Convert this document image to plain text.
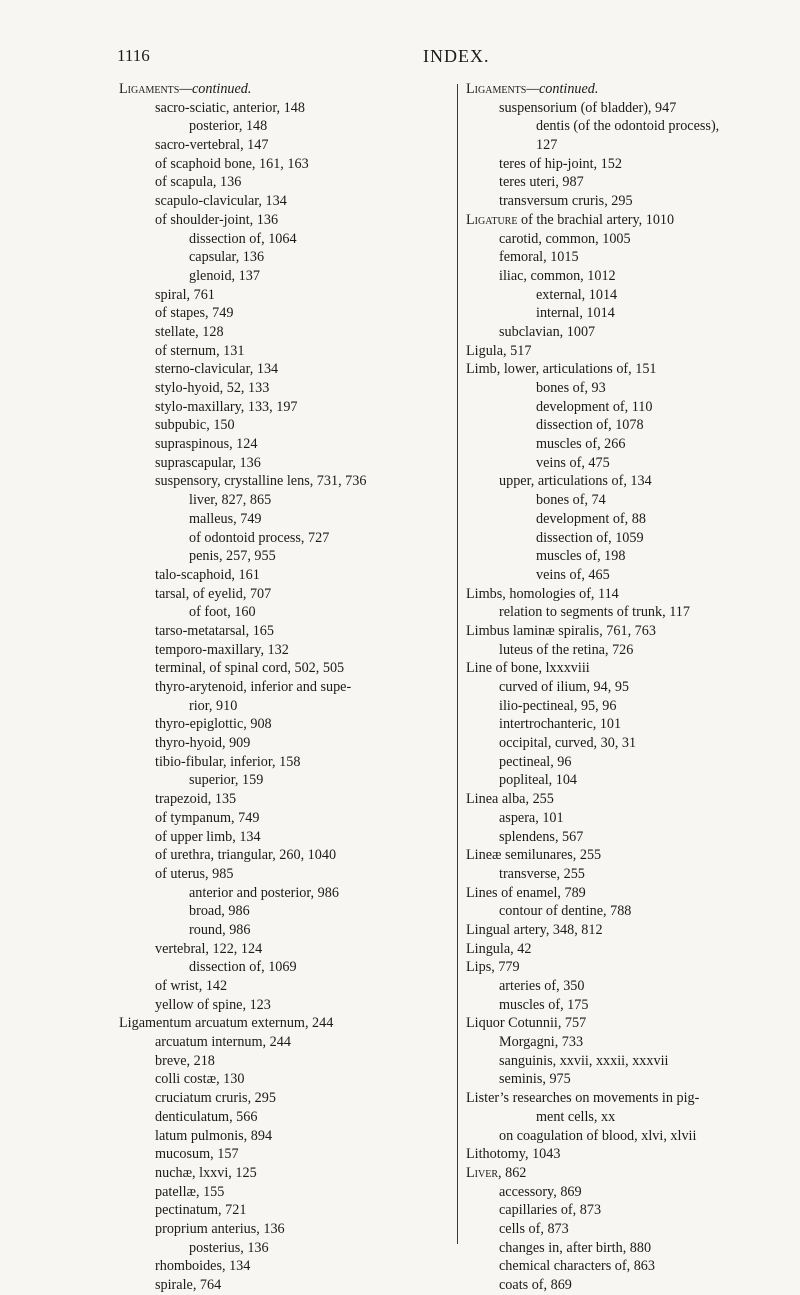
1116	INDEX.
Ligaments—continued.
sacro-sciatic, anterior, 148
posterior, 148
sacro-vertebral, 147
of scaphoid bone, 161, 163
of scapula, 136
scapulo-clavicular, 134
of shoulder-joint, 136
dissection of, 1064
capsular, 136
glenoid, 137
spiral, 761
of stapes, 749
stellate, 128
of sternum, 131
sterno-clavicular, 134
stylo-hyoid, 52, 133
stylo-maxillary, 133, 197
subpubic, 150
supraspinous, 124
suprascapular, 136
suspensory, crystalline lens, 731, 736
liver, 827, 865
malleus, 749
of odontoid process, 727
penis, 257, 955
talo-scaphoid, 161
tarsal, of eyelid, 707
of foot, 160
tarso-metatarsal, 165
temporo-maxillary, 132
terminal, of spinal cord, 502, 505
thyro-arytenoid, inferior and supe-
rior, 910
thyro-epiglottic, 908
thyro-hyoid, 909
tibio-fibular, inferior, 158
superior, 159
trapezoid, 135
of tympanum, 749
of upper limb, 134
of urethra, triangular, 260, 1040
of uterus, 985
anterior and posterior, 986
broad, 986
round, 986
vertebral, 122, 124
dissection of, 1069
of wrist, 142
yellow of spine, 123
Ligamentum arcuatum externum, 244
arcuatum internum, 244
breve, 218
colli costæ, 130
cruciatum cruris, 295
denticulatum, 566
latum pulmonis, 894
mucosum, 157
nuchæ, lxxvi, 125
patellæ, 155
pectinatum, 721
proprium anterius, 136
posterius, 136
rhomboides, 134
spirale, 764
Ligaments—continued.
suspensorium (of bladder), 947
dentis (of the odontoid process),
127
teres of hip-joint, 152
teres uteri, 987
transversum cruris, 295
Ligature of the brachial artery, 1010
carotid, common, 1005
femoral, 1015
iliac, common, 1012
external, 1014
internal, 1014
subclavian, 1007
Ligula, 517
Limb, lower, articulations of, 151
bones of, 93
development of, 110
dissection of, 1078
muscles of, 266
veins of, 475
upper, articulations of, 134
bones of, 74
development of, 88
dissection of, 1059
muscles of, 198
veins of, 465
Limbs, homologies of, 114
relation to segments of trunk, 117
Limbus laminæ spiralis, 761, 763
luteus of the retina, 726
Line of bone, lxxxviii
curved of ilium, 94, 95
ilio-pectineal, 95, 96
intertrochanteric, 101
occipital, curved, 30, 31
pectineal, 96
popliteal, 104
Linea alba, 255
aspera, 101
splendens, 567
Lineæ semilunares, 255
transverse, 255
Lines of enamel, 789
contour of dentine, 788
Lingual artery, 348, 812
Lingula, 42
Lips, 779
arteries of, 350
muscles of, 175
Liquor Cotunnii, 757
Morgagni, 733
sanguinis, xxvii, xxxii, xxxvii
seminis, 975
Lister’s researches on movements in pig-
ment cells, xx
on coagulation of blood, xlvi, xlvii
Lithotomy, 1043
Liver, 862
accessory, 869
capillaries of, 873
cells of, 873
changes in, after birth, 880
chemical characters of, 863
coats of, 869
